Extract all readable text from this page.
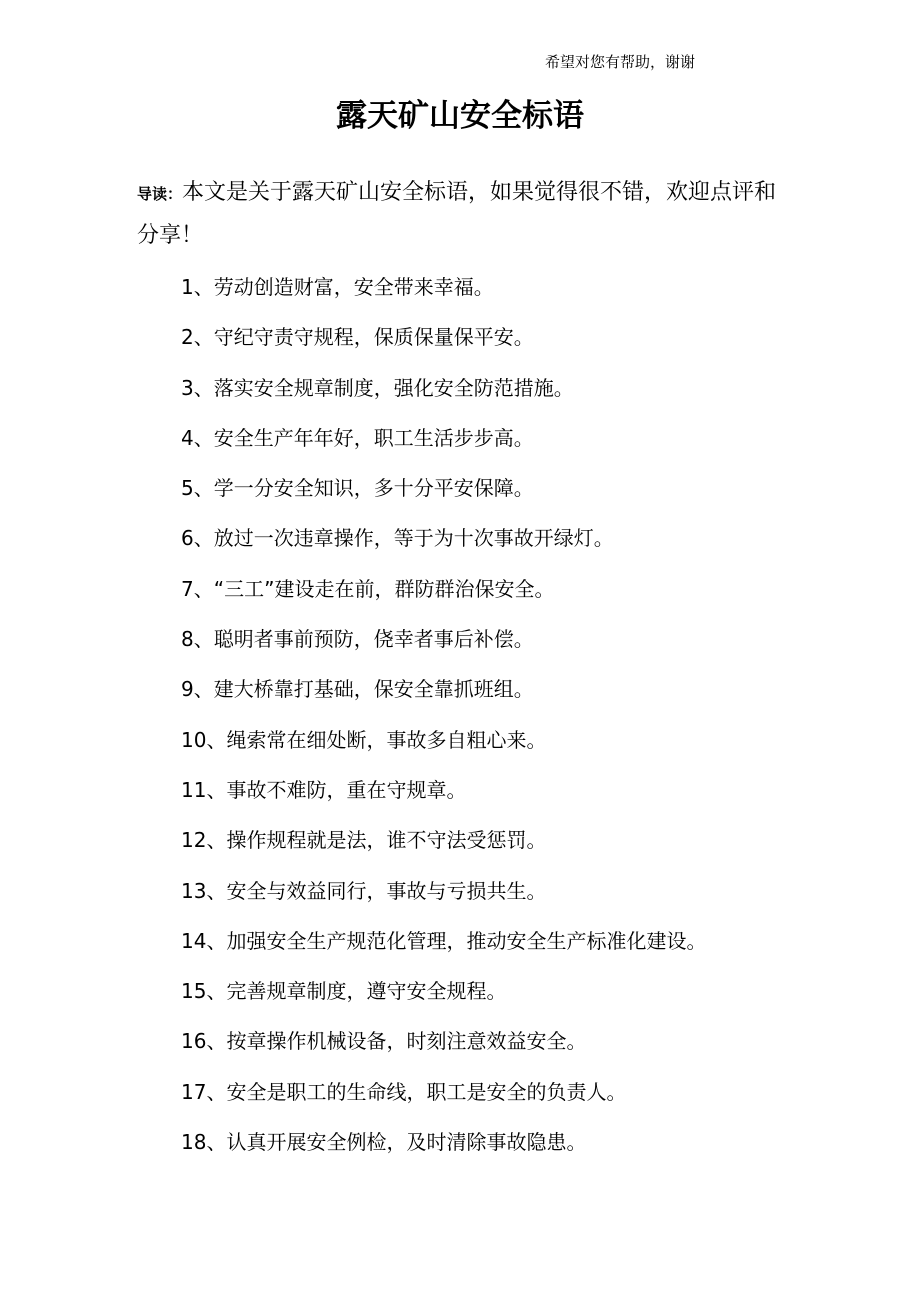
希望对您有帮助，谢谢
露天矿山安全标语

导读：本文是关于露天矿山安全标语，如果觉得很不错，欢迎点评和分享！

1、劳动创造财富，安全带来幸福。
2、守纪守责守规程，保质保量保平安。
3、落实安全规章制度，强化安全防范措施。
4、安全生产年年好，职工生活步步高。
5、学一分安全知识，多十分平安保障。
6、放过一次违章操作，等于为十次事故开绿灯。
7、“三工”建设走在前，群防群治保安全。
8、聪明者事前预防，侥幸者事后补偿。
9、建大桥靠打基础，保安全靠抓班组。
10、绳索常在细处断，事故多自粗心来。
11、事故不难防，重在守规章。
12、操作规程就是法，谁不守法受惩罚。
13、安全与效益同行，事故与亏损共生。
14、加强安全生产规范化管理，推动安全生产标准化建设。
15、完善规章制度，遵守安全规程。
16、按章操作机械设备，时刻注意效益安全。
17、安全是职工的生命线，职工是安全的负责人。
18、认真开展安全例检，及时清除事故隐患。
